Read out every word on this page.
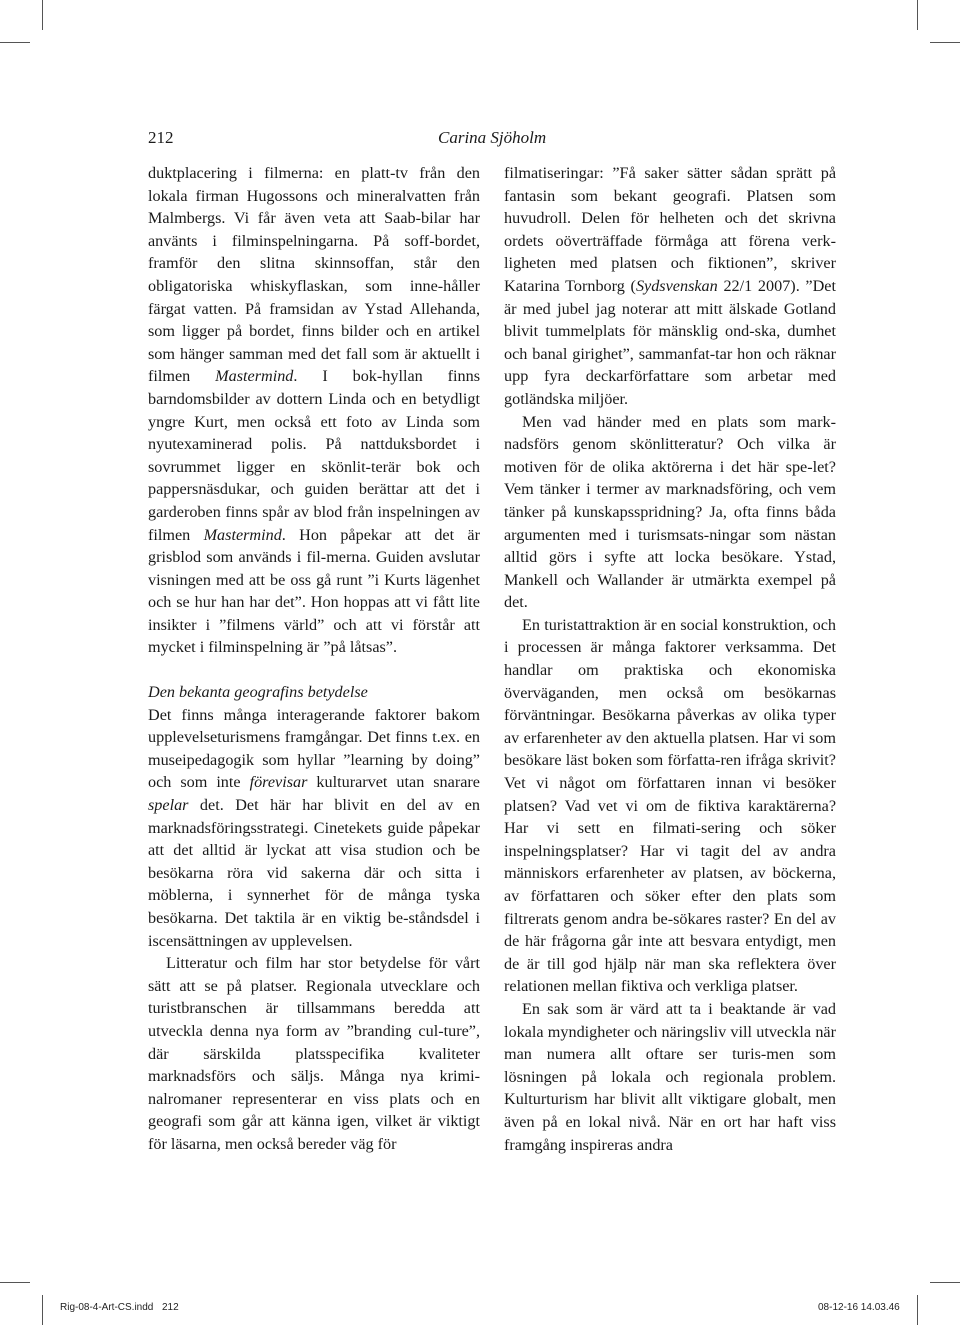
212	Carina Sjöholm

duktplacering i filmerna: en platt-tv från den lokala firman Hugossons och mineralvatten från Malmbergs. Vi får även veta att Saab-bilar har använts i filminspelningarna. På soff-bordet, framför den slitna skinnsoffan, står den obligatoriska whiskyflaskan, som inne-håller färgat vatten. På framsidan av Ystad Allehanda, som ligger på bordet, finns bilder och en artikel som hänger samman med det fall som är aktuellt i filmen Mastermind. I bok-hyllan finns barndomsbilder av dottern Linda och en betydligt yngre Kurt, men också ett foto av Linda som nyutexaminerad polis. På nattduksbordet i sovrummet ligger en skönlit-terär bok och pappersnäsdukar, och guiden berättar att det i garderoben finns spår av blod från inspelningen av filmen Mastermind. Hon påpekar att det är grisblod som används i fil-merna. Guiden avslutar visningen med att be oss gå runt ”i Kurts lägenhet och se hur han har det”. Hon hoppas att vi fått lite insikter i ”filmens värld” och att vi förstår att mycket i filminspelning är ”på låtsas”.

Den bekanta geografins betydelse

Det finns många interagerande faktorer bakom upplevelseturismens framgångar. Det finns t.ex. en museipedagogik som hyllar ”learning by doing” och som inte förevisar kulturarvet utan snarare spelar det. Det här har blivit en del av en marknadsföringsstrategi. Cinetekets guide påpekar att det alltid är lyckat att visa studion och be besökarna röra vid sakerna där och sitta i möblerna, i synnerhet för de många tyska besökarna. Det taktila är en viktig be-ståndsdel i iscensättningen av upplevelsen.

Litteratur och film har stor betydelse för vårt sätt att se på platser. Regionala utvecklare och turistbranschen är tillsammans beredda att utveckla denna nya form av ”branding cul-ture”, där särskilda platsspecifika kvaliteter marknadsförs och säljs. Många nya krimi-nalromaner representerar en viss plats och en geografi som går att känna igen, vilket är viktigt för läsarna, men också bereder väg för

filmatiseringar: ”Få saker sätter sådan sprätt på fantasin som bekant geografi. Platsen som huvudroll. Delen för helheten och det skrivna ordets oöverträffade förmåga att förena verk-ligheten med platsen och fiktionen”, skriver Katarina Tornborg (Sydsvenskan 22/1 2007). ”Det är med jubel jag noterar att mitt älskade Gotland blivit tummelplats för mänsklig ond-ska, dumhet och banal girighet”, sammanfat-tar hon och räknar upp fyra deckarförfattare som arbetar med gotländska miljöer.

Men vad händer med en plats som mark-nadsförs genom skönlitteratur? Och vilka är motiven för de olika aktörerna i det här spe-let? Vem tänker i termer av marknadsföring, och vem tänker på kunskapsspridning? Ja, ofta finns båda argumenten med i turismsats-ningar som nästan alltid görs i syfte att locka besökare. Ystad, Mankell och Wallander är utmärkta exempel på det.

En turistattraktion är en social konstruktion, och i processen är många faktorer verksamma. Det handlar om praktiska och ekonomiska överväganden, men också om besökarnas förväntningar. Besökarna påverkas av olika typer av erfarenheter av den aktuella platsen. Har vi som besökare läst boken som författa-ren ifråga skrivit? Vet vi något om författaren innan vi besöker platsen? Vad vet vi om de fiktiva karaktärerna? Har vi sett en filmati-sering och söker inspelningsplatser? Har vi tagit del av andra människors erfarenheter av platsen, av böckerna, av författaren och söker efter den plats som filtrerats genom andra be-sökares raster? En del av de här frågorna går inte att besvara entydigt, men de är till god hjälp när man ska reflektera över relationen mellan fiktiva och verkliga platser.

En sak som är värd att ta i beaktande är vad lokala myndigheter och näringsliv vill utveckla när man numera allt oftare ser turis-men som lösningen på lokala och regionala problem. Kulturturism har blivit allt viktigare globalt, men även på en lokal nivå. När en ort har haft viss framgång inspireras andra

Rig-08-4-Art-CS.indd 212	08-12-16 14.03.46
